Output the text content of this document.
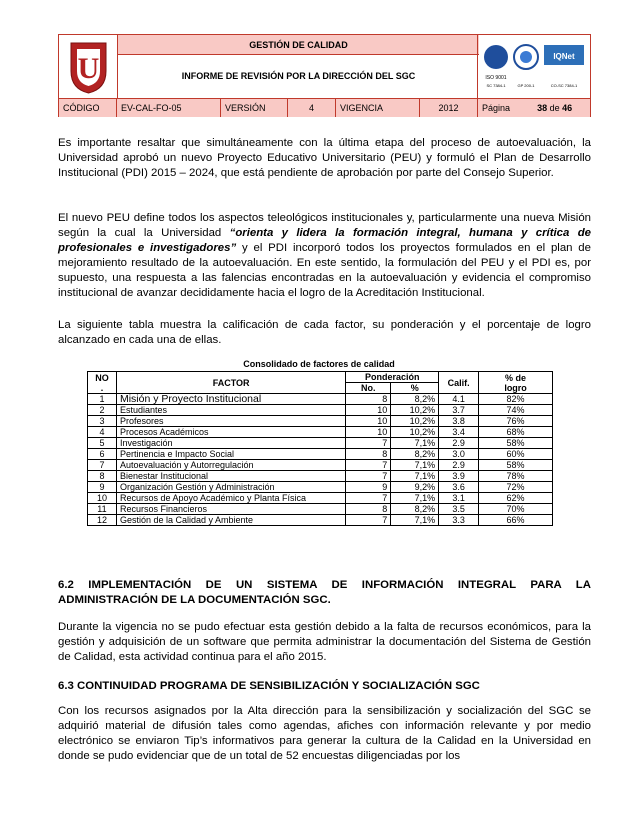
U
GESTIÓN DE CALIDAD
INFORME DE REVISIÓN POR LA DIRECCIÓN DEL SGC	ISO 9001
IQNet
SC 7384-1	GP 200-1	CO-SC 7384-1
CÓDIGO	EV-CAL-FO-05	VERSIÓN	4	VIGENCIA	2012	Página	38 de 46
Es importante resaltar que simultáneamente con la última etapa del proceso de autoevaluación, la Universidad aprobó un nuevo Proyecto Educativo Universitario (PEU) y formuló el Plan de Desarrollo Institucional (PDI) 2015 – 2024, que está pendiente de aprobación por parte del Consejo Superior.
El nuevo PEU define todos los aspectos teleológicos institucionales y, particularmente una nueva Misión según la cual la Universidad “orienta y lidera la formación integral, humana y crítica de profesionales e investigadores” y el PDI incorporó todos los proyectos formulados en el plan de mejoramiento resultado de la autoevaluación. En este sentido, la formulación del PEU y el PDI es, por supuesto, una respuesta a las falencias encontradas en la autoevaluación y evidencia el compromiso institucional de avanzar decididamente hacia el logro de la Acreditación Institucional.
La siguiente tabla muestra la calificación de cada factor, su ponderación y el porcentaje de logro alcanzado en cada una de ellas.
Consolidado de factores de calidad
NO
.	FACTOR	Ponderación		Calif.	% de
logro
		No.	%		
1	Misión y Proyecto Institucional	8	8,2%	4.1	82%
2	Estudiantes	10	10,2%	3.7	74%
3	Profesores	10	10,2%	3.8	76%
4	Procesos Académicos	10	10,2%	3.4	68%
5	Investigación	7	7,1%	2.9	58%
6	Pertinencia e Impacto Social	8	8,2%	3.0	60%
7	Autoevaluación y Autorregulación	7	7,1%	2.9	58%
8	Bienestar Institucional	7	7,1%	3.9	78%
9	Organización Gestión y Administración	9	9,2%	3.6	72%
10	Recursos de Apoyo Académico y Planta Física	7	7,1%	3.1	62%
11	Recursos Financieros	8	8,2%	3.5	70%
12	Gestión de la Calidad y Ambiente	7	7,1%	3.3	66%
6.2 IMPLEMENTACIÓN DE UN SISTEMA DE INFORMACIÓN INTEGRAL PARA LA ADMINISTRACIÓN DE LA DOCUMENTACIÓN SGC.
Durante la vigencia no se pudo efectuar esta gestión debido a la falta de recursos económicos, para la gestión y adquisición de un software que permita administrar la documentación del Sistema de Gestión de Calidad, esta actividad continua para el año 2015.
6.3 CONTINUIDAD PROGRAMA DE SENSIBILIZACIÓN Y SOCIALIZACIÓN SGC
Con los recursos asignados por la Alta dirección para la sensibilización y socialización del SGC se adquirió material de difusión tales como agendas, afiches con información relevante y por medio electrónico se enviaron Tip’s informativos para generar la cultura de la Calidad en la Universidad en donde se pudo evidenciar que de un total de 52 encuestas diligenciadas por los
